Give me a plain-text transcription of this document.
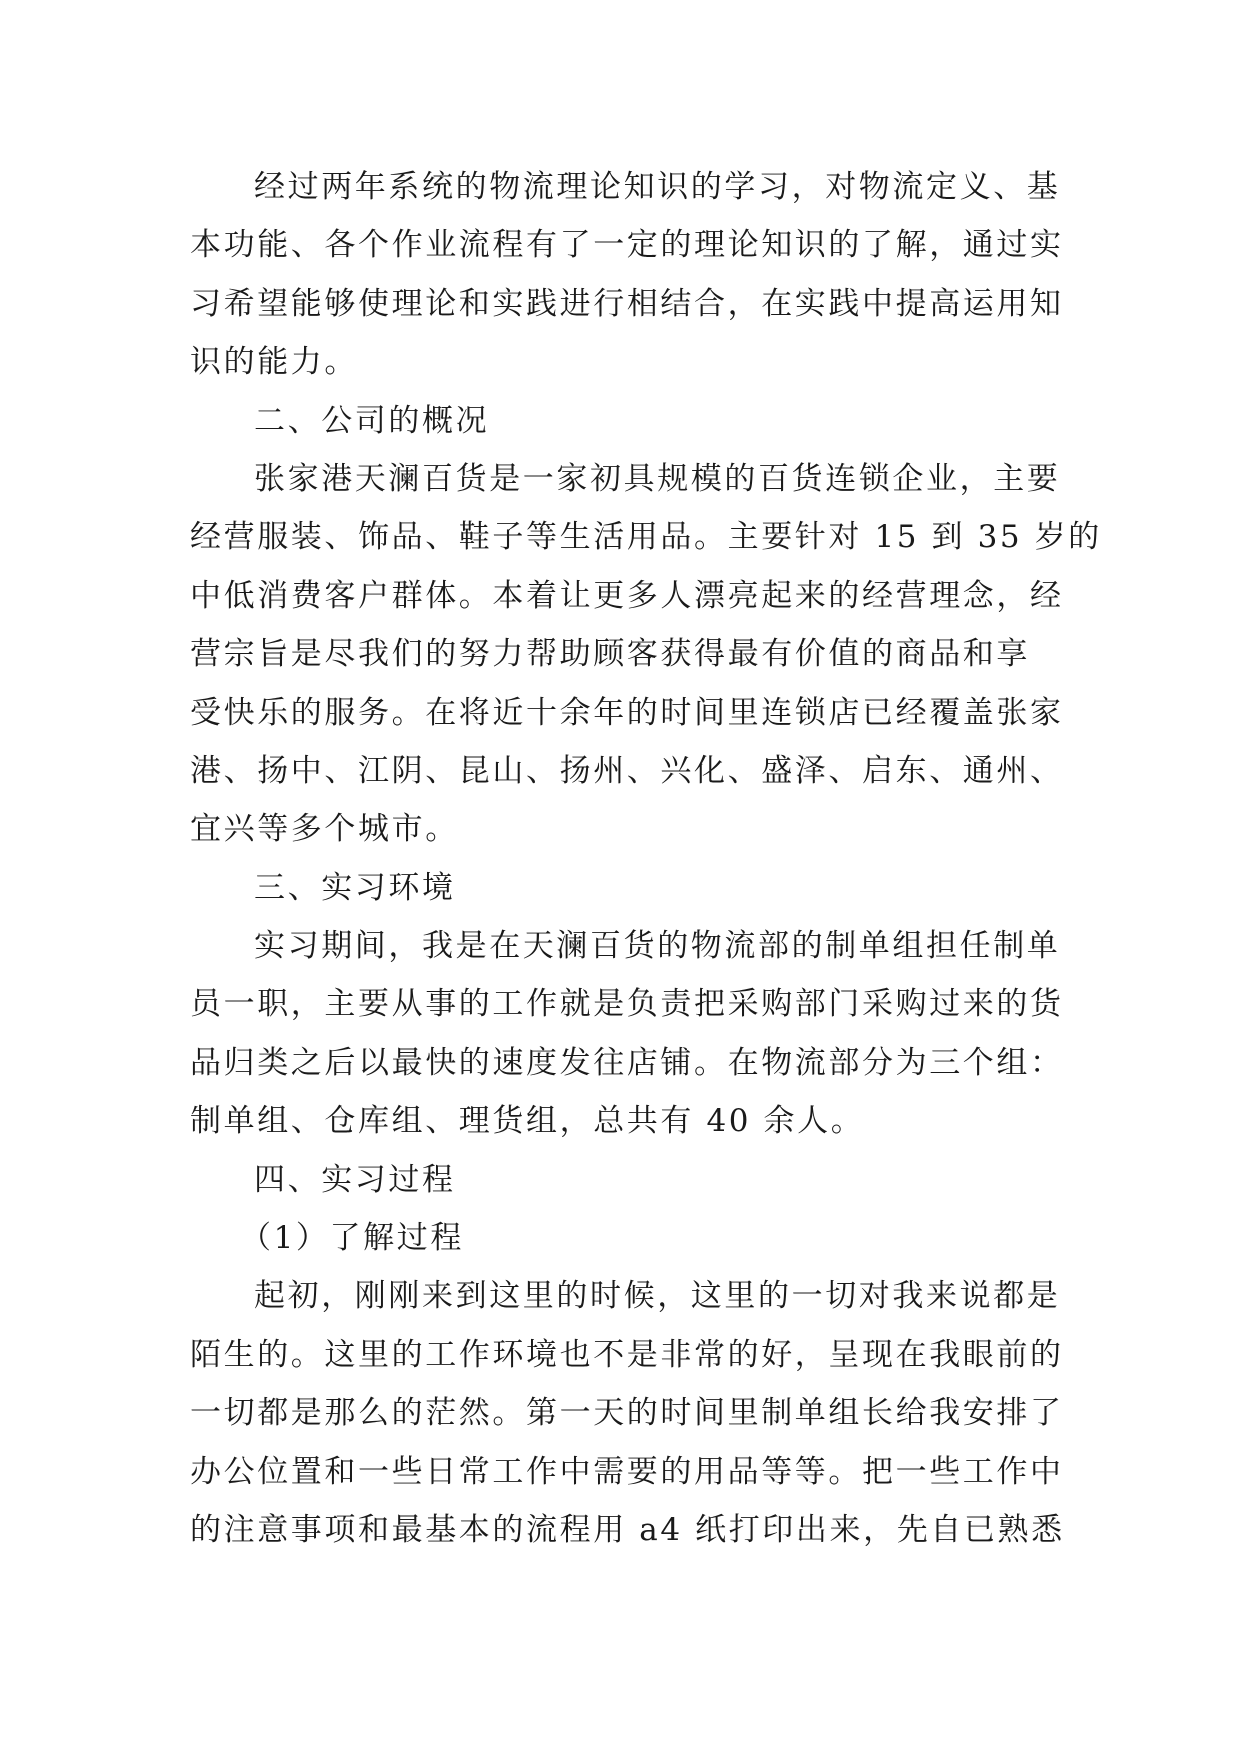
经过两年系统的物流理论知识的学习，对物流定义、基
本功能、各个作业流程有了一定的理论知识的了解，通过实
习希望能够使理论和实践进行相结合，在实践中提高运用知
识的能力。
二、公司的概况
张家港天澜百货是一家初具规模的百货连锁企业，主要
经营服装、饰品、鞋子等生活用品。主要针对 15 到 35 岁的
中低消费客户群体。本着让更多人漂亮起来的经营理念，经
营宗旨是尽我们的努力帮助顾客获得最有价值的商品和享
受快乐的服务。在将近十余年的时间里连锁店已经覆盖张家
港、扬中、江阴、昆山、扬州、兴化、盛泽、启东、通州、
宜兴等多个城市。
三、实习环境
实习期间，我是在天澜百货的物流部的制单组担任制单
员一职，主要从事的工作就是负责把采购部门采购过来的货
品归类之后以最快的速度发往店铺。在物流部分为三个组：
制单组、仓库组、理货组，总共有 40 余人。
四、实习过程
（1）了解过程
起初，刚刚来到这里的时候，这里的一切对我来说都是
陌生的。这里的工作环境也不是非常的好，呈现在我眼前的
一切都是那么的茫然。第一天的时间里制单组长给我安排了
办公位置和一些日常工作中需要的用品等等。把一些工作中
的注意事项和最基本的流程用 a4 纸打印出来，先自已熟悉
